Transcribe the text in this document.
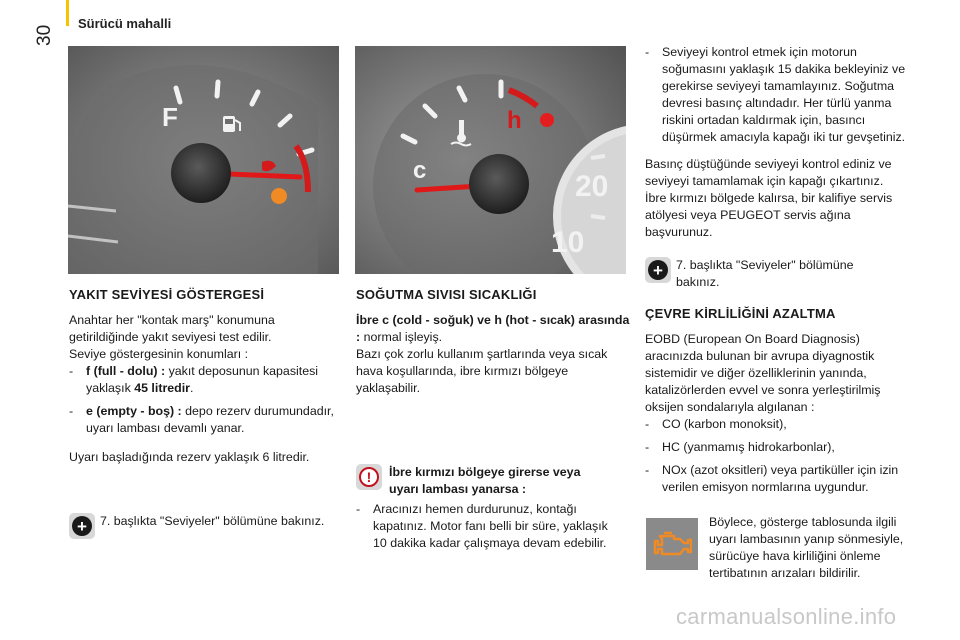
30
Sürücü mahalli
F
c
h
20
10

YAKIT SEVİYESİ GÖSTERGESİ

Anahtar her "kontak marş" konumuna getirildiğinde yakıt seviyesi test edilir.

Seviye göstergesinin konumları :

- f (full - dolu) : yakıt deposunun kapasitesi yaklaşık 45 litredir.
- e (empty - boş) : depo rezerv durumundadır, uyarı lambası devamlı yanar.

Uyarı başladığında rezerv yaklaşık 6 litredir.

+	7. başlıkta "Seviyeler" bölümüne bakınız.

SOĞUTMA SIVISI SICAKLIĞI

İbre c (cold - soğuk) ve h (hot - sıcak) arasında : normal işleyiş.

Bazı çok zorlu kullanım şartlarında veya sıcak hava koşullarında, ibre kırmızı bölgeye yaklaşabilir.

!	İbre kırmızı bölgeye girerse veya uyarı lambası yanarsa :
- Aracınızı hemen durdurunuz, kontağı kapatınız. Motor fanı belli bir süre, yaklaşık 10 dakika kadar çalışmaya devam edebilir.
- Seviyeyi kontrol etmek için motorun soğumasını yaklaşık 15 dakika bekleyiniz ve gerekirse seviyeyi tamamlayınız. Soğutma devresi basınç altındadır. Her türlü yanma riskini ortadan kaldırmak için, basıncı düşürmek amacıyla kapağı iki tur gevşetiniz.

Basınç düştüğünde seviyeyi kontrol ediniz ve seviyeyi tamamlamak için kapağı çıkartınız.

İbre kırmızı bölgede kalırsa, bir kalifiye servis atölyesi veya PEUGEOT servis ağına başvurunuz.

+	7. başlıkta "Seviyeler" bölümüne bakınız.

ÇEVRE KİRLİLİĞİNİ AZALTMA

EOBD (European On Board Diagnosis) aracınızda bulunan bir avrupa diyagnostik sistemidir ve diğer özelliklerinin yanında, katalizörlerden evvel ve sonra yerleştirilmiş oksijen sondalarıyla algılanan :

- CO (karbon monoksit),
- HC (yanmamış hidrokarbonlar),
- NOx (azot oksitleri) veya partiküller için izin verilen emisyon normlarına uygundur.
Böylece, gösterge tablosunda ilgili uyarı lambasının yanıp sönmesiyle, sürücüye hava kirliliğini önleme tertibatının arızaları bildirilir.
carmanualsonline.info
